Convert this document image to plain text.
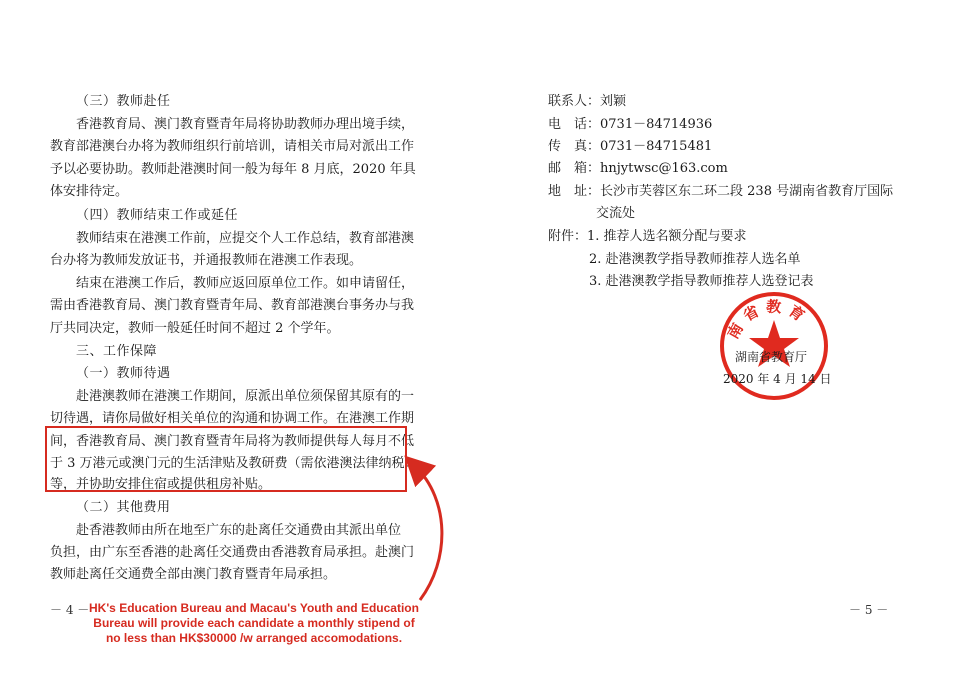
（三）教师赴任
香港教育局、澳门教育暨青年局将协助教师办理出境手续，
教育部港澳台办将为教师组织行前培训，请相关市局对派出工作
予以必要协助。教师赴港澳时间一般为每年 8 月底，2020 年具
体安排待定。
（四）教师结束工作或延任
教师结束在港澳工作前，应提交个人工作总结，教育部港澳
台办将为教师发放证书，并通报教师在港澳工作表现。
结束在港澳工作后，教师应返回原单位工作。如申请留任，
需由香港教育局、澳门教育暨青年局、教育部港澳台事务办与我
厅共同决定，教师一般延任时间不超过 2 个学年。
三、工作保障
（一）教师待遇
赴港澳教师在港澳工作期间，原派出单位须保留其原有的一
切待遇，请你局做好相关单位的沟通和协调工作。在港澳工作期
间，香港教育局、澳门教育暨青年局将为教师提供每人每月不低
于 3 万港元或澳门元的生活津贴及教研费（需依港澳法律纳税）
等，并协助安排住宿或提供租房补贴。
（二）其他费用
赴香港教师由所在地至广东的赴离任交通费由其派出单位
负担，由广东至香港的赴离任交通费由香港教育局承担。赴澳门
教师赴离任交通费全部由澳门教育暨青年局承担。
－ 4 － HK's Education Bureau and Macau's Youth and Education
Bureau will provide each candidate a monthly stipend of
no less than HK$30000 /w arranged accomodations.
联系人：刘颖
电　话：0731－84714936
传　真：0731－84715481
邮　箱：hnjytwsc@163.com
地　址：长沙市芙蓉区东二环二段 238 号湖南省教育厅国际
交流处
附件：1. 推荐人选名额分配与要求
2. 赴港澳教学指导教师推荐人选名单
3. 赴港澳教学指导教师推荐人选登记表
南省教育
湖南省教育厅
2020 年 4 月 14 日
－ 5 －
